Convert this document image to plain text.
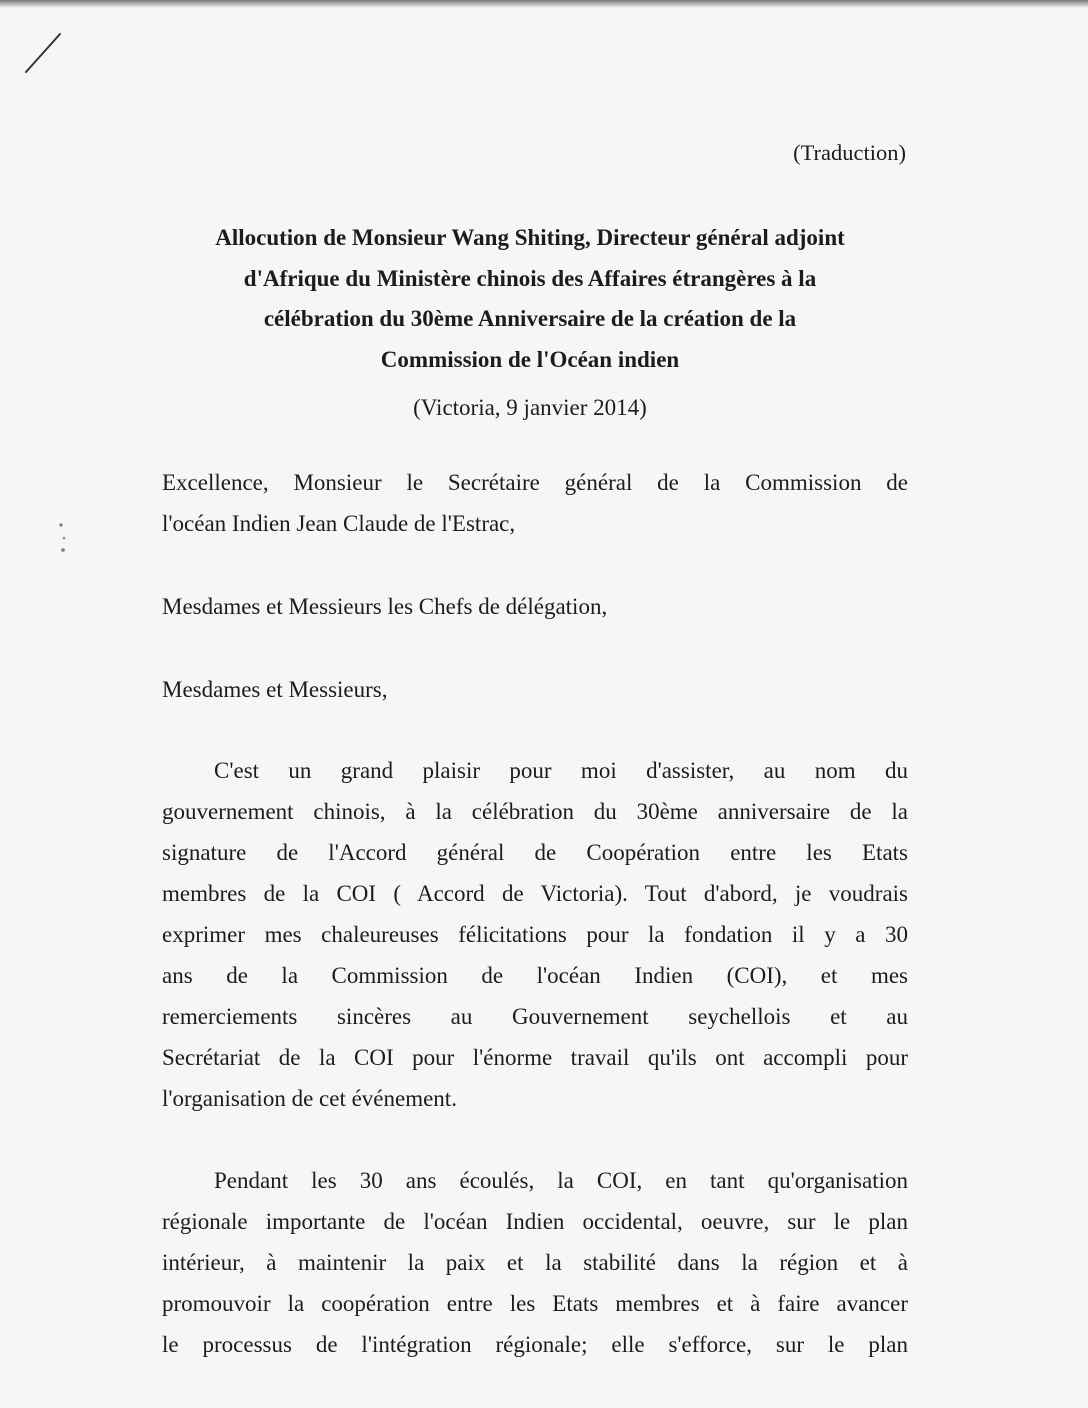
(Traduction)
Allocution de Monsieur Wang Shiting, Directeur général adjoint
d'Afrique du Ministère chinois des Affaires étrangères à la
célébration du 30ème Anniversaire de la création de la
Commission de l'Océan indien
(Victoria, 9 janvier 2014)
Excellence, Monsieur le Secrétaire général de la Commission de
l'océan Indien Jean Claude de l'Estrac,
Mesdames et Messieurs les Chefs de délégation,
Mesdames et Messieurs,
C'est un grand plaisir pour moi d'assister, au nom du
gouvernement chinois, à la célébration du 30ème anniversaire de la
signature de l'Accord général de Coopération entre les Etats
membres de la COI ( Accord de Victoria). Tout d'abord, je voudrais
exprimer mes chaleureuses félicitations pour la fondation il y a 30
ans de la Commission de l'océan Indien (COI), et mes
remerciements sincères au Gouvernement seychellois et au
Secrétariat de la COI pour l'énorme travail qu'ils ont accompli pour
l'organisation de cet événement.
Pendant les 30 ans écoulés, la COI, en tant qu'organisation
régionale importante de l'océan Indien occidental, oeuvre, sur le plan
intérieur, à maintenir la paix et la stabilité dans la région et à
promouvoir la coopération entre les Etats membres et à faire avancer
le processus de l'intégration régionale; elle s'efforce, sur le plan
